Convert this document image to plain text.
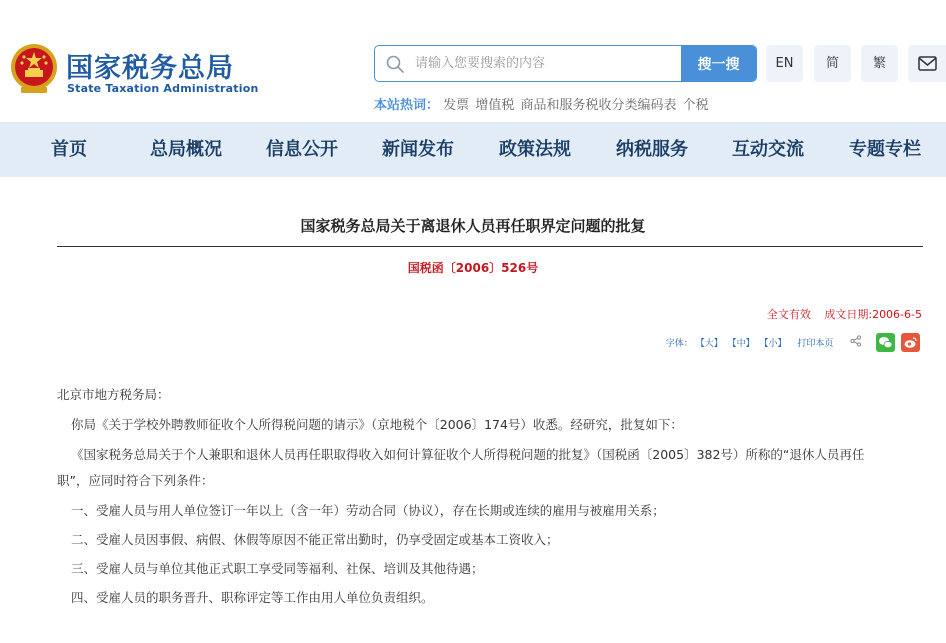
国家税务总局
State Taxation Administration
请输入您要搜索的内容
搜一搜	EN	简	繁
本站热词： 发票 增值税 商品和服务税收分类编码表 个税
首页	总局概况 信息公开 新闻发布	政策法规	纳税服务 互动交流	专题专栏
国家税务总局关于离退休人员再任职界定问题的批复
国税函〔2006〕526号
全文有效 成文日期:2006-6-5
字体： 【大】 【中】 【小】 打印本页
北京市地方税务局：
你局《关于学校外聘教师征收个人所得税问题的请示》（京地税个〔2006〕174号）收悉。经研究，批复如下：
《国家税务总局关于个人兼职和退休人员再任职取得收入如何计算征收个人所得税问题的批复》（国税函〔2005〕382号）所称的“退休人员再任
职”，应同时符合下列条件：
一、受雇人员与用人单位签订一年以上（含一年）劳动合同（协议），存在长期或连续的雇用与被雇用关系；
二、受雇人员因事假、病假、休假等原因不能正常出勤时，仍享受固定或基本工资收入；
三、受雇人员与单位其他正式职工享受同等福利、社保、培训及其他待遇；
四、受雇人员的职务晋升、职称评定等工作由用人单位负责组织。
